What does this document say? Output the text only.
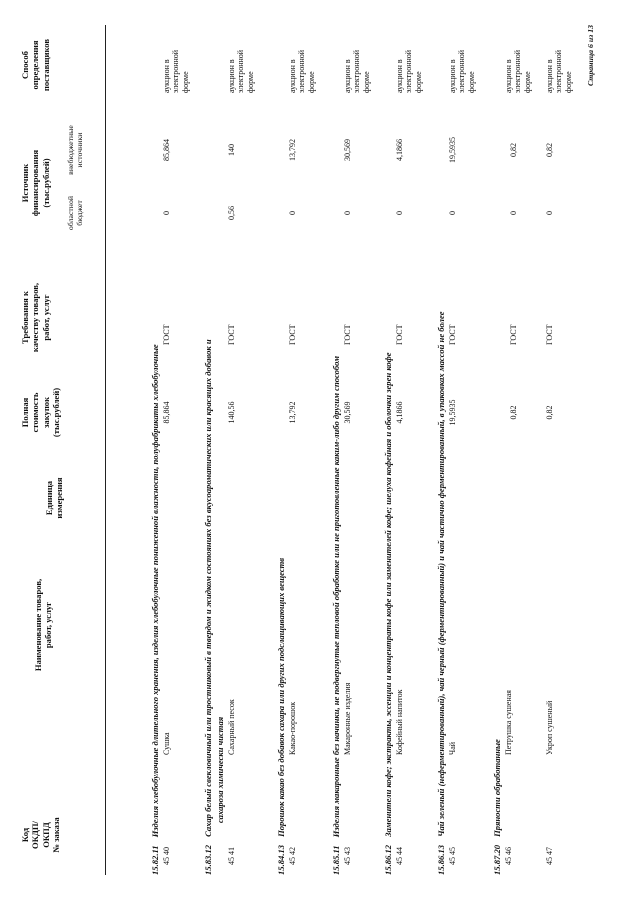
Код ОКДП/ ОКПД № заказа
Наименование товаров, работ, услуг
Единица измерения
Полная стоимость закупок (тыс.рублей)
Требования к качеству товаров, работ, услуг
Источник финансирования (тыс.рублей)
областной бюджет
внебюджетные источники
Способ определения поставщиков
15.82.11Изделия хлебобулочные длительного хранения, изделия хлебобулочные пониженной влажности, полуфабрикаты хлебобулочные
45 40
Сушка
85,864
ГОСТ
0
85,864
аукцион в электронной форме
15.83.12Сахар белый свекловичный или тростниковый в твердом и жидком состояниях без вкусоароматических или красящих добавок и сахароза химически чистая
45 41
Сахарный песок
140,56
ГОСТ
0,56
140
аукцион в электронной форме
15.84.13Порошок какао без добавок сахара или других подслащивающих веществ
45 42
Какао-порошок
13,792
ГОСТ
0
13,792
аукцион в электронной форме
15.85.11Изделия макаронные без начинки, не подвергнутые тепловой обработке или не приготовленные каким-либо другим способом
45 43
Макаронные изделия
30,569
ГОСТ
0
30,569
аукцион в электронной форме
15.86.12Заменители кофе; экстракты, эссенции и концентраты кофе или заменителей кофе; шелуха кофейная и оболочки зерен кофе
45 44
Кофейный напиток
4,1866
ГОСТ
0
4,1866
аукцион в электронной форме
15.86.13Чай зеленый (неферментированный), чай черный (ферментированный) и чай частично ферментированный, в упаковках массой не более
45 45
Чай
19,5935
ГОСТ
0
19,5935
аукцион в электронной форме
15.87.20Пряности обработанные
45 46
Петрушка сушеная
0,82
ГОСТ
0
0,82
аукцион в электронной форме
45 47
Укроп сушеный
0,82
ГОСТ
0
0,82
аукцион в электронной форме Страница 6 из 13
